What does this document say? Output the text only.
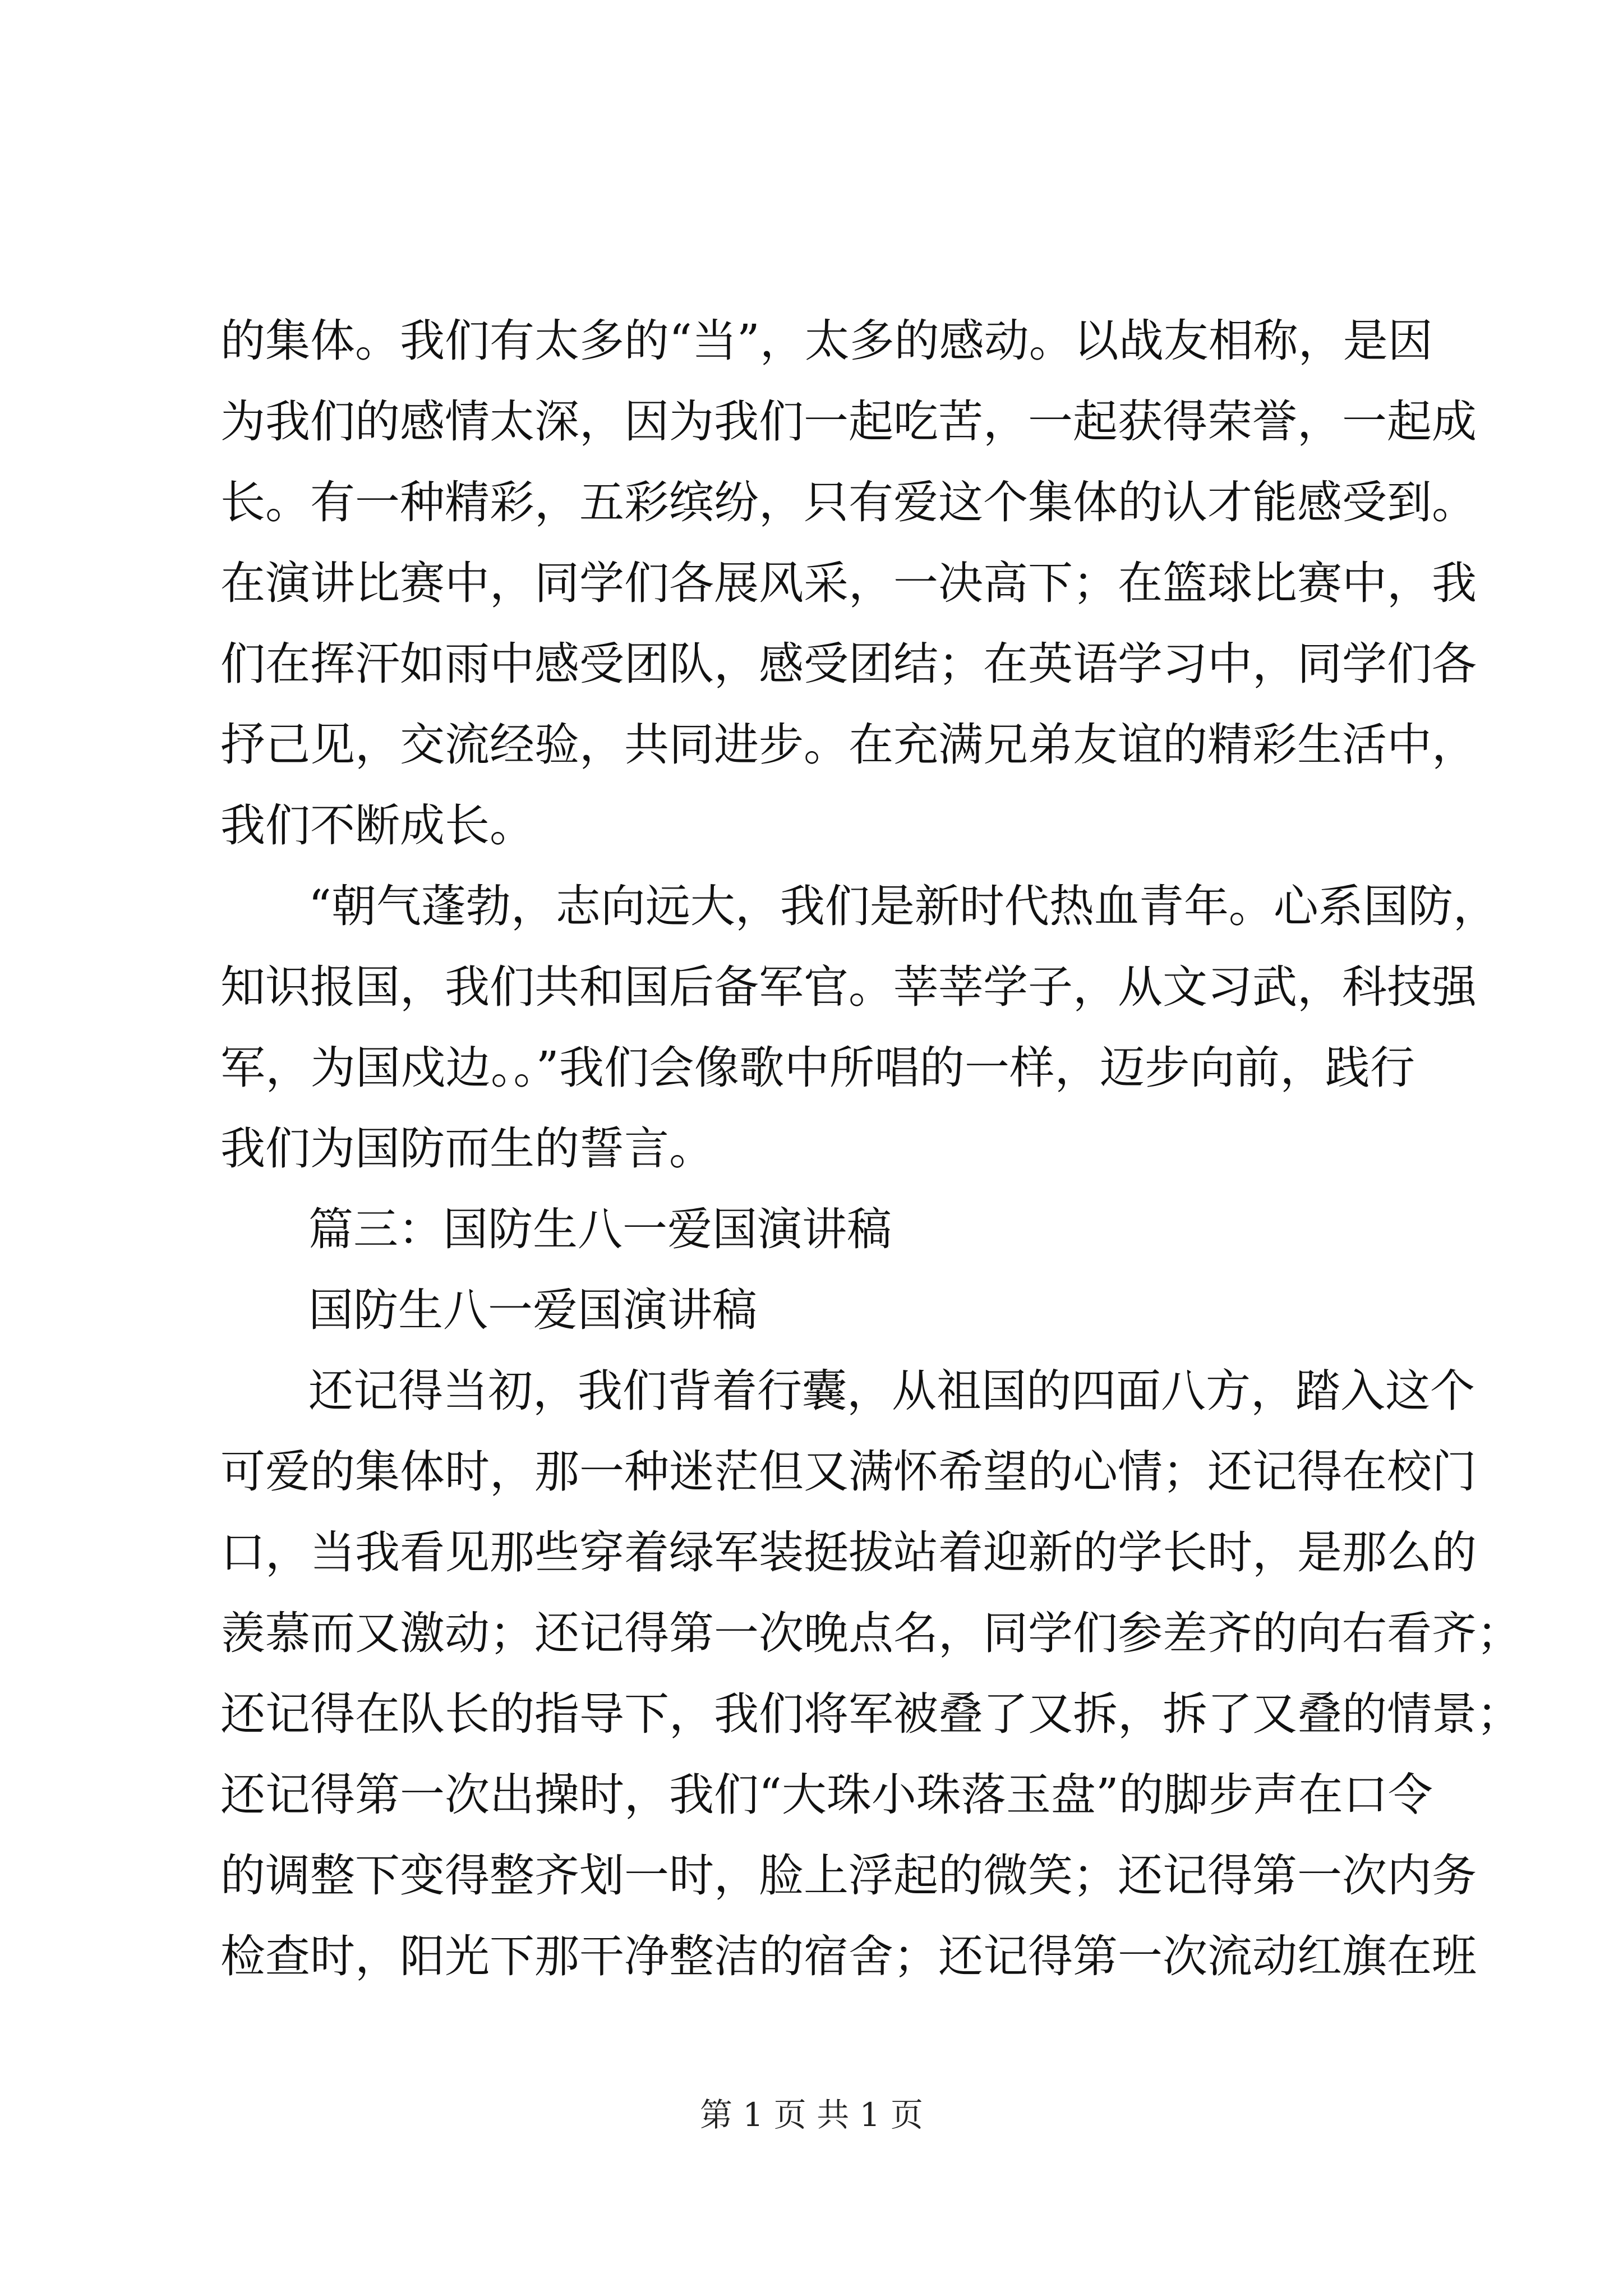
的集体。我们有太多的“当”，太多的感动。以战友相称，是因
为我们的感情太深，因为我们一起吃苦，一起获得荣誉，一起成
长。有一种精彩，五彩缤纷，只有爱这个集体的认才能感受到。
在演讲比赛中，同学们各展风采，一决高下；在篮球比赛中，我
们在挥汗如雨中感受团队，感受团结；在英语学习中，同学们各
抒己见，交流经验，共同进步。在充满兄弟友谊的精彩生活中，
我们不断成长。
“朝气蓬勃，志向远大，我们是新时代热血青年。心系国防，
知识报国，我们共和国后备军官。莘莘学子，从文习武，科技强
军，为国戍边。。”我们会像歌中所唱的一样，迈步向前，践行
我们为国防而生的誓言。
篇三：国防生八一爱国演讲稿
国防生八一爱国演讲稿
还记得当初，我们背着行囊，从祖国的四面八方，踏入这个
可爱的集体时，那一种迷茫但又满怀希望的心情；还记得在校门
口，当我看见那些穿着绿军装挺拔站着迎新的学长时，是那么的
羡慕而又激动；还记得第一次晚点名，同学们参差齐的向右看齐；
还记得在队长的指导下，我们将军被叠了又拆，拆了又叠的情景；
还记得第一次出操时，我们“大珠小珠落玉盘”的脚步声在口令
的调整下变得整齐划一时，脸上浮起的微笑；还记得第一次内务
检查时，阳光下那干净整洁的宿舍；还记得第一次流动红旗在班
第 1 页 共 1 页
